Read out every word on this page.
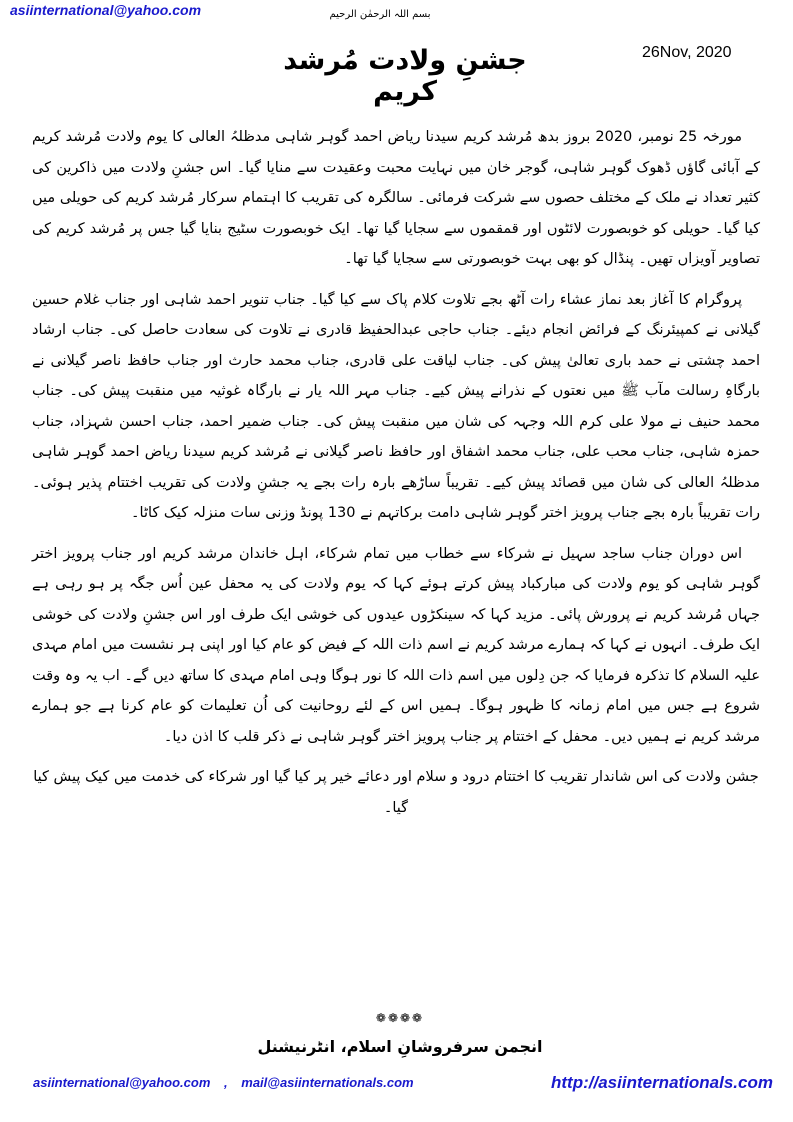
asiinternational@yahoo.com	بسم اللہ الرحمٰن الرحیم
جشنِ ولادت مُرشد کریم
26Nov, 2020

مورخہ 25 نومبر، 2020 بروز بدھ مُرشد کریم سیدنا ریاض احمد گوہر شاہی مدظلہُ العالی کا یوم ولادت مُرشد کریم کے آبائی گاؤں ڈھوک گوہر شاہی، گوجر خان میں نہایت محبت وعقیدت سے منایا گیا۔ اس جشنِ ولادت میں ذاکرین کی کثیر تعداد نے ملک کے مختلف حصوں سے شرکت فرمائی۔ سالگرہ کی تقریب کا اہتمام سرکار مُرشد کریم کی حویلی میں کیا گیا۔ حویلی کو خوبصورت لائٹوں اور قمقموں سے سجایا گیا تھا۔ ایک خوبصورت سٹیج بنایا گیا جس پر مُرشد کریم کی تصاویر آویزاں تھیں۔ پنڈال کو بھی بہت خوبصورتی سے سجایا گیا تھا۔

پروگرام کا آغاز بعد نماز عشاء رات آٹھ بجے تلاوت کلام پاک سے کیا گیا۔ جناب تنویر احمد شاہی اور جناب غلام حسین گیلانی نے کمپیئرنگ کے فرائض انجام دیئے۔ جناب حاجی عبدالحفیظ قادری نے تلاوت کی سعادت حاصل کی۔ جناب ارشاد احمد چشتی نے حمد باری تعالیٰ پیش کی۔ جناب لیاقت علی قادری، جناب محمد حارث اور جناب حافظ ناصر گیلانی نے بارگاہِ رسالت مآب ﷺ میں نعتوں کے نذرانے پیش کیے۔ جناب مہر اللہ یار نے بارگاہ غوثیہ میں منقبت پیش کی۔ جناب محمد حنیف نے مولا علی کرم اللہ وجہہ کی شان میں منقبت پیش کی۔ جناب ضمیر احمد، جناب احسن شہزاد، جناب حمزہ شاہی، جناب محب علی، جناب محمد اشفاق اور حافظ ناصر گیلانی نے مُرشد کریم سیدنا ریاض احمد گوہر شاہی مدظلہُ العالی کی شان میں قصائد پیش کیے۔ تقریباً ساڑھے بارہ رات بجے یہ جشنِ ولادت کی تقریب اختتام پذیر ہوئی۔ رات تقریباً بارہ بجے جناب پرویز اختر گوہر شاہی دامت برکاتہم نے 130 پونڈ وزنی سات منزلہ کیک کاٹا۔

اس دوران جناب ساجد سہیل نے شرکاء سے خطاب میں تمام شرکاء، اہل خاندان مرشد کریم اور جناب پرویز اختر گوہر شاہی کو یوم ولادت کی مبارکباد پیش کرتے ہوئے کہا کہ یوم ولادت کی یہ محفل عین اُس جگہ پر ہو رہی ہے جہاں مُرشد کریم نے پرورش پائی۔ مزید کہا کہ سینکڑوں عیدوں کی خوشی ایک طرف اور اس جشنِ ولادت کی خوشی ایک طرف۔ انہوں نے کہا کہ ہمارے مرشد کریم نے اسم ذات اللہ کے فیض کو عام کیا اور اپنی ہر نشست میں امام مہدی علیہ السلام کا تذکرہ فرمایا کہ جن دِلوں میں اسم ذات اللہ کا نور ہوگا وہی امام مہدی کا ساتھ دیں گے۔ اب یہ وہ وقت شروع ہے جس میں امام زمانہ کا ظہور ہوگا۔ ہمیں اس کے لئے روحانیت کی اُن تعلیمات کو عام کرنا ہے جو ہمارے مرشد کریم نے ہمیں دیں۔ محفل کے اختتام پر جناب پرویز اختر گوہر شاہی نے ذکر قلب کا اذن دیا۔

جشن ولادت کی اس شاندار تقریب کا اختتام درود و سلام اور دعائے خیر پر کیا گیا اور شرکاء کی خدمت میں کیک پیش کیا گیا۔

❁❁❁❁
انجمن سرفروشانِ اسلام، انٹرنیشنل
asiinternational@yahoo.com , mail@asiinternationals.com	http://asiinternationals.com
